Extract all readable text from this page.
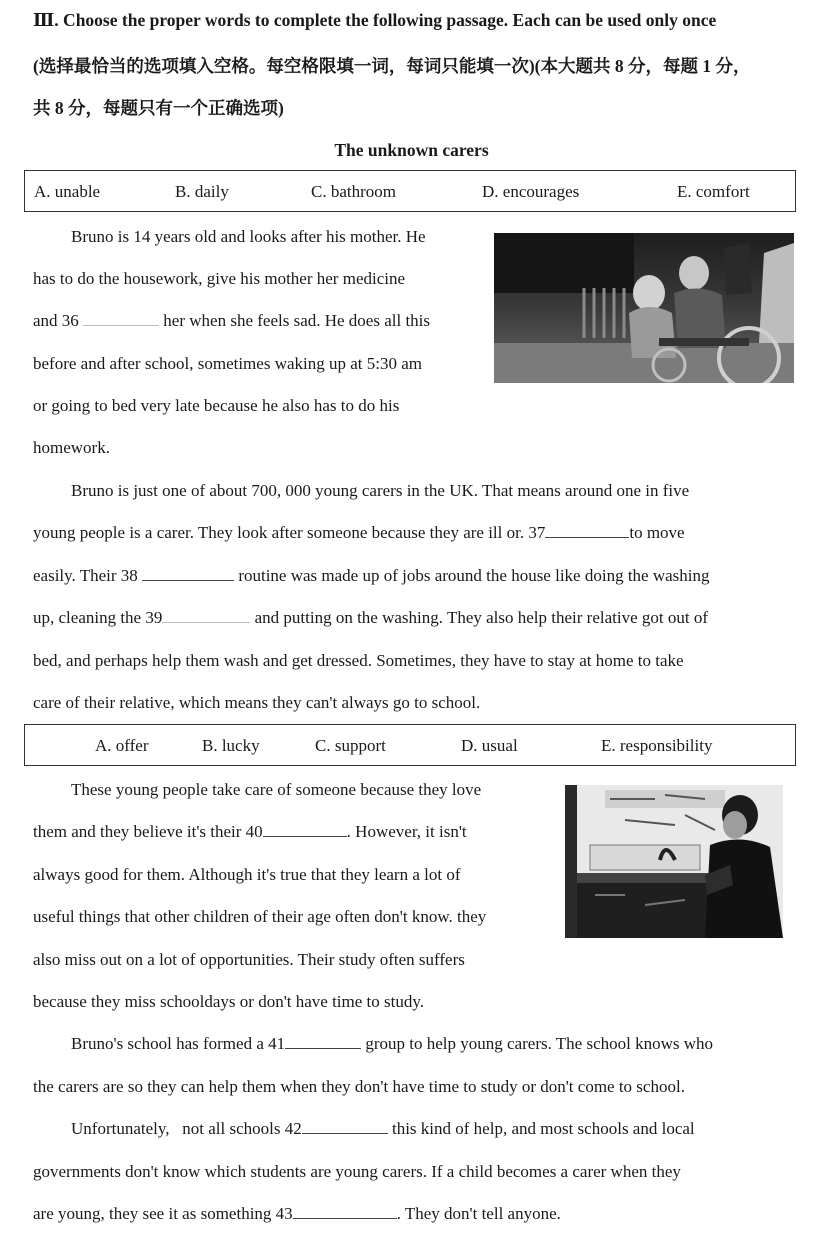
Ⅲ. Choose the proper words to complete the following passage. Each can be used only once
(选择最恰当的选项填入空格。每空格限填一词，每词只能填一次)(本大题共 8 分，每题 1 分，
共 8 分，每题只有一个正确选项)
The unknown carers
A. unable	B. daily	C. bathroom	D. encourages	E. comfort
Bruno is 14 years old and looks after his mother. He
has to do the housework, give his mother her medicine
and 36	her when she feels sad. He does all this
before and after school, sometimes waking up at 5:30 am
or going to bed very late because he also has to do his
homework.
Bruno is just one of about 700, 000 young carers in the UK. That means around one in five
young people is a carer. They look after someone because they are ill or. 37	to move
easily. Their 38	routine was made up of jobs around the house like doing the washing
up, cleaning the 39	and putting on the washing. They also help their relative got out of
bed, and perhaps help them wash and get dressed. Sometimes, they have to stay at home to take
care of their relative, which means they can't always go to school.
A. offer	B. lucky	C. support	D. usual	E. responsibility
These young people take care of someone because they love
them and they believe it's their 40	. However, it isn't
always good for them. Although it's true that they learn a lot of
useful things that other children of their age often don't know. they
also miss out on a lot of opportunities. Their study often suffers
because they miss schooldays or don't have time to study.
Bruno's school has formed a 41	group to help young carers. The school knows who
the carers are so they can help them when they don't have time to study or don't come to school.
Unfortunately,   not all schools 42	this kind of help, and most schools and local
governments don't know which students are young carers. If a child becomes a carer when they
are young, they see it as something 43	. They don't tell anyone.
